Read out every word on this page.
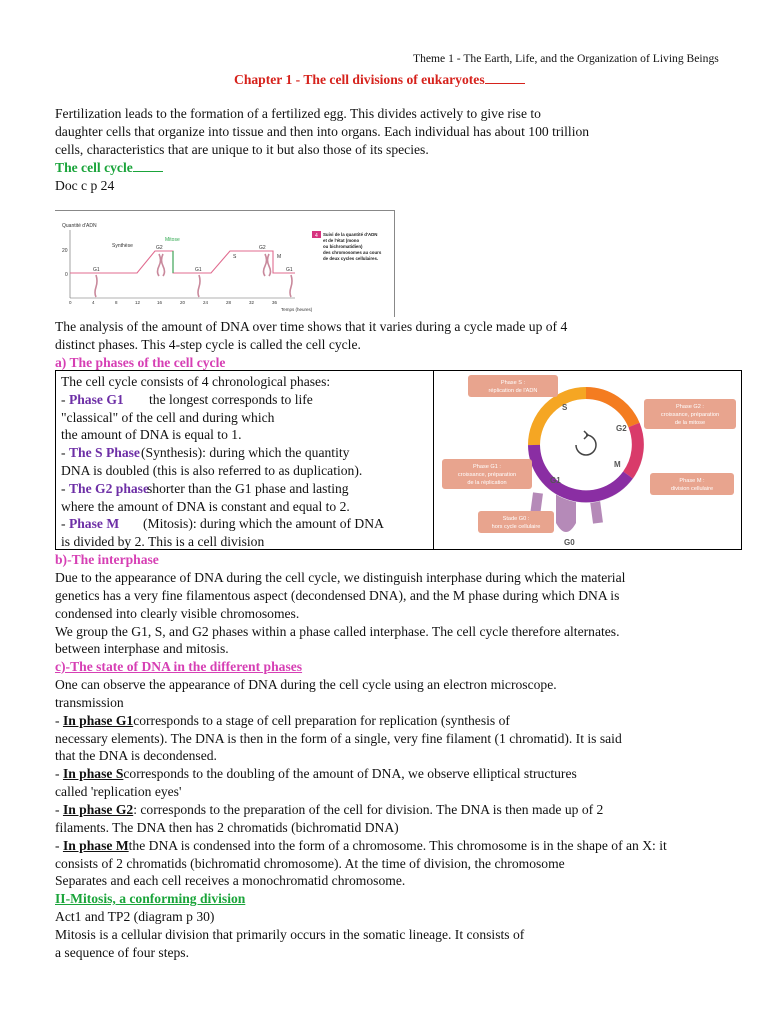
Theme 1 - The Earth, Life, and the Organization of Living Beings
Chapter 1 - The cell divisions of eukaryotes
Fertilization leads to the formation of a fertilized egg. This divides actively to give rise to
daughter cells that organize into tissue and then into organs. Each individual has about 100 trillion
cells, characteristics that are unique to it but also those of its species.
The cell cycle
Doc c p 24
Quantité d'ADN
20
0
G1
Synthèse	G2
Mitose
G1
S
G2
M
G1
0	4	8	12	16	20	24	28	32	36
Temps (heures)
4 Suivi de la quantité d'ADN
et de l'état (mono
ou bichromatidien)
des chromosomes au cours
de deux cycles cellulaires.
The analysis of the amount of DNA over time shows that it varies during a cycle made up of 4
distinct phases. This 4-step cycle is called the cell cycle.
a) The phases of the cell cycle
The cell cycle consists of 4 chronological phases:
- Phase G1 the longest corresponds to life
"classical" of the cell and during which
the amount of DNA is equal to 1.
- The S Phase (Synthesis): during which the quantity
DNA is doubled (this is also referred to as duplication).
- The G2 phase
shorter than the G1 phase and lasting
where the amount of DNA is constant and equal to 2.
- Phase M (Mitosis): during which the amount of DNA
is divided by 2. This is a cell division
S
G2
M
G1
G0
Phase S :
réplication de l'ADN
Phase G2 :
croissance, préparation
de la mitose
Phase G1 :
croissance, préparation
de la réplication	Phase M :
division cellulaire
Stade G0 :
hors cycle cellulaire
b)-The interphase
Due to the appearance of DNA during the cell cycle, we distinguish interphase during which the material
genetics has a very fine filamentous aspect (decondensed DNA), and the M phase during which DNA is
condensed into clearly visible chromosomes.
We group the G1, S, and G2 phases within a phase called interphase. The cell cycle therefore alternates.
between interphase and mitosis.
c)-The state of DNA in the different phases
One can observe the appearance of DNA during the cell cycle using an electron microscope.
transmission
- In phase G1corresponds to a stage of cell preparation for replication (synthesis of
necessary elements). The DNA is then in the form of a single, very fine filament (1 chromatid). It is said
that the DNA is decondensed.
- In phase Scorresponds to the doubling of the amount of DNA, we observe elliptical structures
called 'replication eyes'
- In phase G2: corresponds to the preparation of the cell for division. The DNA is then made up of 2
filaments. The DNA then has 2 chromatids (bichromatid DNA)
- In phase Mthe DNA is condensed into the form of a chromosome. This chromosome is in the shape of an X: it
consists of 2 chromatids (bichromatid chromosome). At the time of division, the chromosome
Separates and each cell receives a monochromatid chromosome.
II-Mitosis, a conforming division
Act1 and TP2 (diagram p 30)
Mitosis is a cellular division that primarily occurs in the somatic lineage. It consists of
a sequence of four steps.
